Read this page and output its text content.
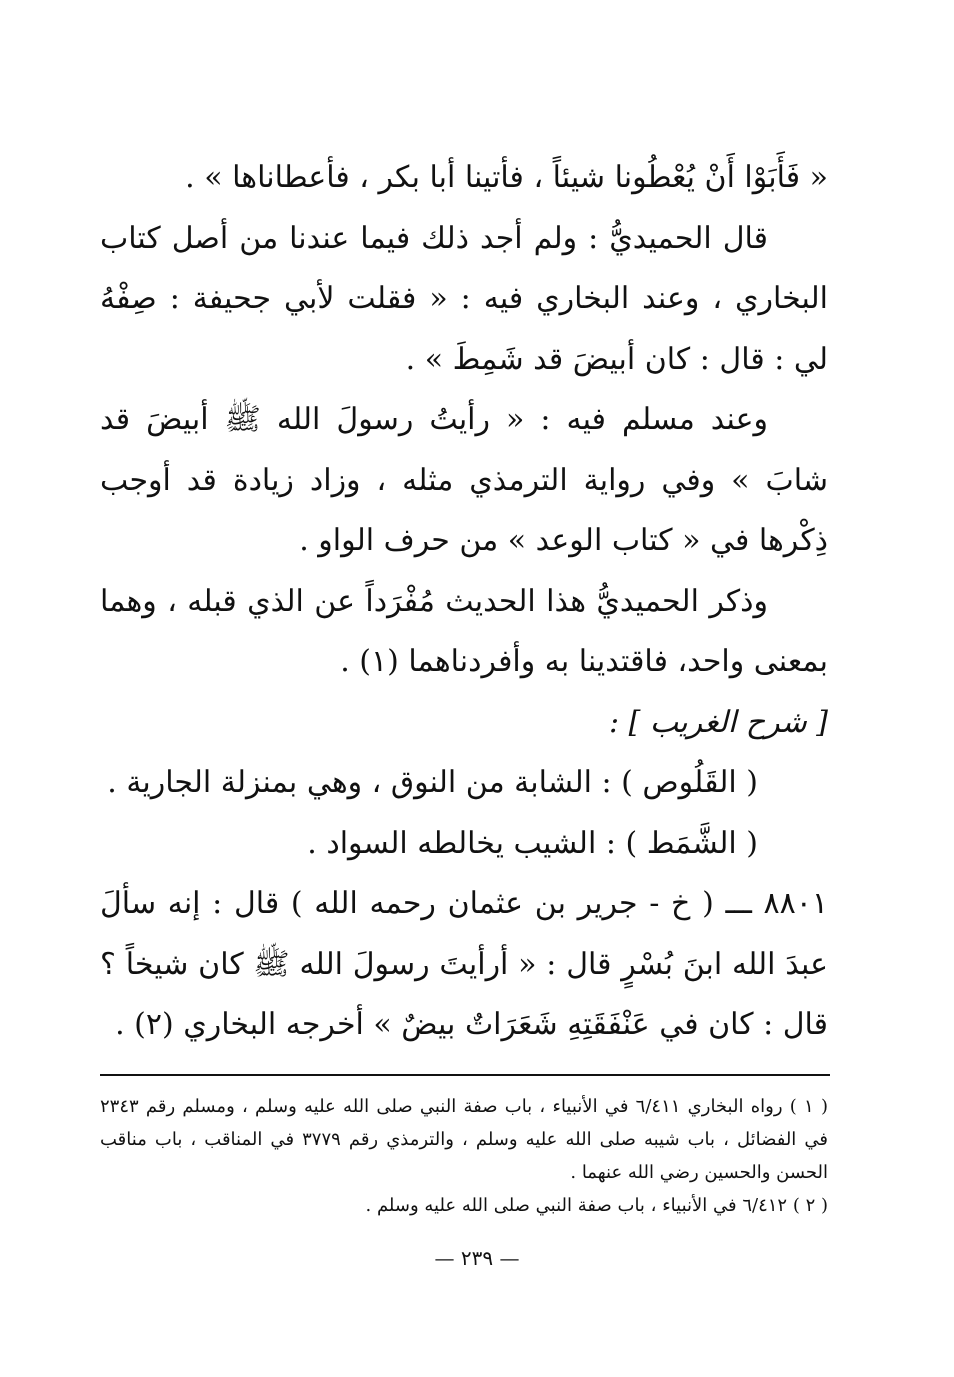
« فَأَبَوْا أَنْ يُعْطُونا شيئاً ، فأتينا أبا بكر ، فأعطاناها » .

قال الحميديُّ : ولم أجد ذلك فيما عندنا من أصل كتاب البخاري ، وعند البخاري فيه : « فقلت لأبي جحيفة : صِفْهُ لي : قال : كان أبيضَ قد شَمِطَ » .

وعند مسلم فيه : « رأيتُ رسولَ الله ﷺ أبيضَ قد شابَ » وفي رواية الترمذي مثله ، وزاد زيادة قد أوجب ذِكْرها في « كتاب الوعد » من حرف الواو .

وذكر الحميديُّ هذا الحديث مُفْرَداً عن الذي قبله ، وهما بمعنى واحد، فاقتدينا به وأفردناهما (١) .

[ شرح الغريب ] :

( القَلُوص ) : الشابة من النوق ، وهي بمنزلة الجارية .

( الشَّمَط ) : الشيب يخالطه السواد .

٨٨٠١ ـــ ( خ - جرير بن عثمان رحمه الله ) قال : إنه سألَ عبدَ الله ابنَ بُسْرٍ قال : « أرأيتَ رسولَ الله ﷺ كان شيخاً ؟ قال : كان في عَنْفَقَتِهِ شَعَرَاتٌ بيضٌ » أخرجه البخاري (٢) .

( ١ ) رواه البخاري ٦/٤١١ في الأنبياء ، باب صفة النبي صلى الله عليه وسلم ، ومسلم رقم ٢٣٤٣ في الفضائل ، باب شيبه صلى الله عليه وسلم ، والترمذي رقم ٣٧٧٩ في المناقب ، باب مناقب الحسن والحسين رضي الله عنهما .

( ٢ ) ٦/٤١٢ في الأنبياء ، باب صفة النبي صلى الله عليه وسلم .

— ٢٣٩ —
